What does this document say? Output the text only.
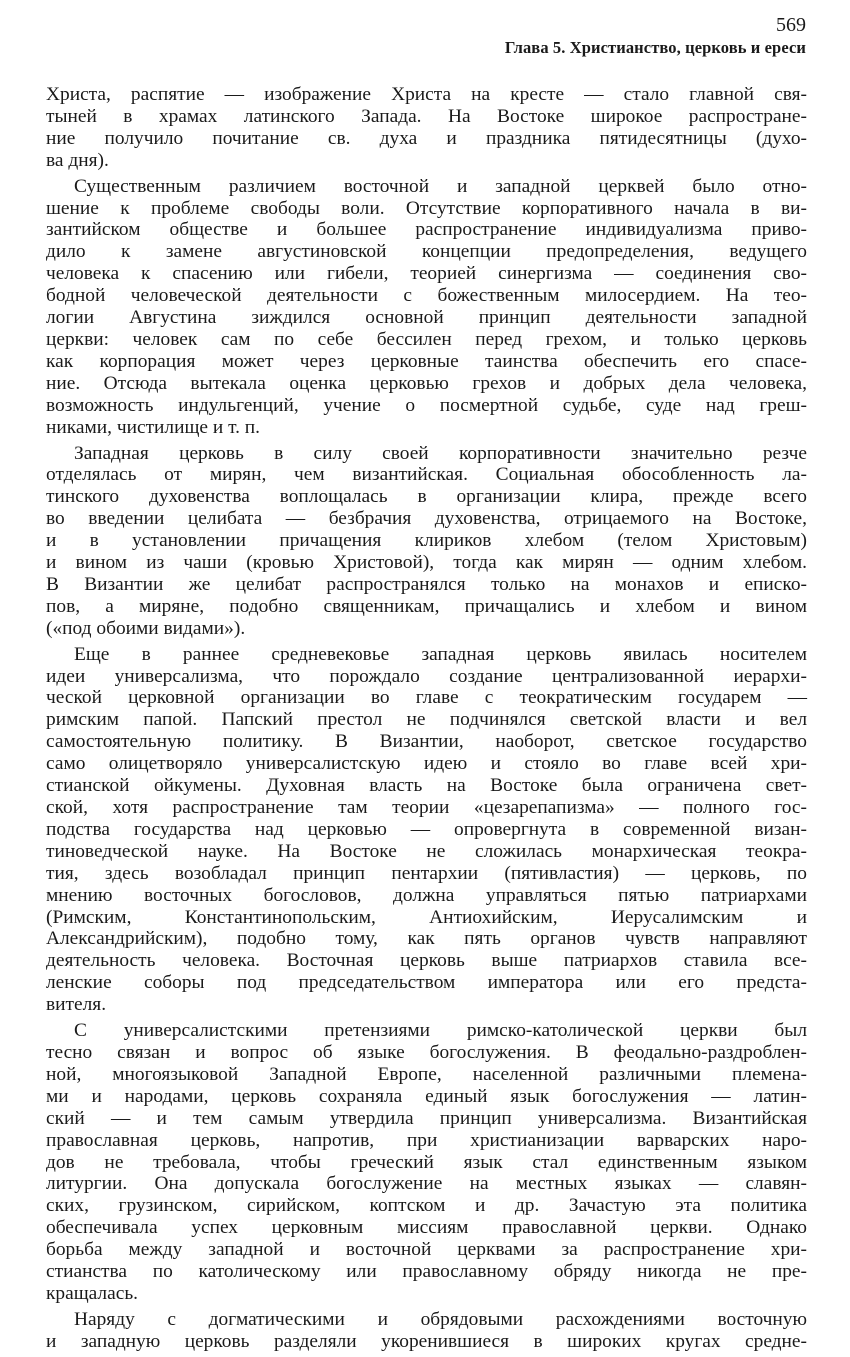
569
Глава 5. Христианство, церковь и ереси

Христа, распятие — изображение Христа на кресте — стало главной свя-
тыней в храмах латинского Запада. На Востоке широкое распростране-
ние получило почитание св. духа и праздника пятидесятницы (духо-
ва дня).

Существенным различием восточной и западной церквей было отно-
шение к проблеме свободы воли. Отсутствие корпоративного начала в ви-
зантийском обществе и большее распространение индивидуализма приво-
дило к замене августиновской концепции предопределения, ведущего
человека к спасению или гибели, теорией синергизма — соединения сво-
бодной человеческой деятельности с божественным милосердием. На тео-
логии Августина зиждился основной принцип деятельности западной
церкви: человек сам по себе бессилен перед грехом, и только церковь
как корпорация может через церковные таинства обеспечить его спасе-
ние. Отсюда вытекала оценка церковью грехов и добрых дела человека,
возможность индульгенций, учение о посмертной судьбе, суде над греш-
никами, чистилище и т. п.

Западная церковь в силу своей корпоративности значительно резче
отделялась от мирян, чем византийская. Социальная обособленность ла-
тинского духовенства воплощалась в организации клира, прежде всего
во введении целибата — безбрачия духовенства, отрицаемого на Востоке,
и в установлении причащения клириков хлебом (телом Христовым)
и вином из чаши (кровью Христовой), тогда как мирян — одним хлебом.
В Византии же целибат распространялся только на монахов и еписко-
пов, а миряне, подобно священникам, причащались и хлебом и вином
(«под обоими видами»).

Еще в раннее средневековье западная церковь явилась носителем
идеи универсализма, что порождало создание централизованной иерархи-
ческой церковной организации во главе с теократическим государем —
римским папой. Папский престол не подчинялся светской власти и вел
самостоятельную политику. В Византии, наоборот, светское государство
само олицетворяло универсалистскую идею и стояло во главе всей хри-
стианской ойкумены. Духовная власть на Востоке была ограничена свет-
ской, хотя распространение там теории «цезарепапизма» — полного гос-
подства государства над церковью — опровергнута в современной визан-
тиноведческой науке. На Востоке не сложилась монархическая теокра-
тия, здесь возобладал принцип пентархии (пятивластия) — церковь, по
мнению восточных богословов, должна управляться пятью патриархами
(Римским, Константинопольским, Антиохийским, Иерусалимским и
Александрийским), подобно тому, как пять органов чувств направляют
деятельность человека. Восточная церковь выше патриархов ставила все-
ленские соборы под председательством императора или его предста-
вителя.

С универсалистскими претензиями римско-католической церкви был
тесно связан и вопрос об языке богослужения. В феодально-раздроблен-
ной, многоязыковой Западной Европе, населенной различными племена-
ми и народами, церковь сохраняла единый язык богослужения — латин-
ский — и тем самым утвердила принцип универсализма. Византийская
православная церковь, напротив, при христианизации варварских наро-
дов не требовала, чтобы греческий язык стал единственным языком
литургии. Она допускала богослужение на местных языках — славян-
ских, грузинском, сирийском, коптском и др. Зачастую эта политика
обеспечивала успех церковным миссиям православной церкви. Однако
борьба между западной и восточной церквами за распространение хри-
стианства по католическому или православному обряду никогда не пре-
кращалась.

Наряду с догматическими и обрядовыми расхождениями восточную
и западную церковь разделяли укоренившиеся в широких кругах средне-
